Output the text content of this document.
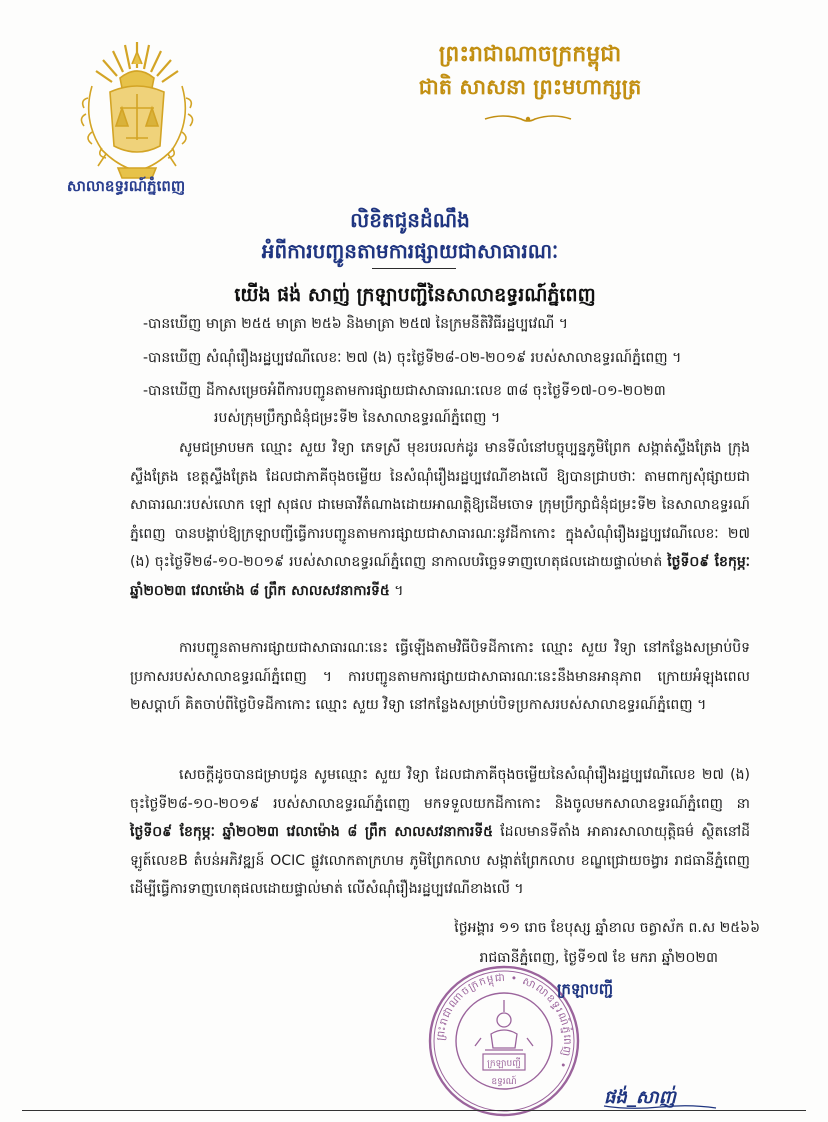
សាលាឧទ្ធរណ៍ភ្នំពេញ
ព្រះរាជាណាចក្រកម្ពុជា
ជាតិ សាសនា ព្រះមហាក្សត្រ
លិខិតជូនដំណឹង
អំពីការបញ្ជូនតាមការផ្សាយជាសាធារណៈ
យើង ផង់ សាញ់ ក្រឡាបញ្ជីនៃសាលាឧទ្ធរណ៍ភ្នំពេញ
-បានឃើញ មាត្រា ២៥៥ មាត្រា ២៥៦ និងមាត្រា ២៥៧ នៃក្រមនីតិវិធីរដ្ឋប្បវេណី ។
-បានឃើញ សំណុំរឿងរដ្ឋប្បវេណីលេខៈ ២៧ (ង) ចុះថ្ងៃទី២៨-០២-២០១៩ របស់សាលាឧទ្ធរណ៍ភ្នំពេញ ។
-បានឃើញ ដីកាសម្រេចអំពីការបញ្ជូនតាមការផ្សាយជាសាធារណៈលេខ ៣៨ ចុះថ្ងៃទី១៧-០១-២០២៣
របស់ក្រុមប្រឹក្សាជំនុំជម្រះទី២ នៃសាលាឧទ្ធរណ៍ភ្នំពេញ ។
សូមជម្រាបមក ឈ្មោះ សួយ វិទ្យា ភេទស្រី មុខរបរលក់ដូរ មានទីលំនៅបច្ចុប្បន្នភូមិព្រែក សង្កាត់ស្ទឹងត្រែង ក្រុងស្ទឹងត្រែង ខេត្តស្ទឹងត្រែង ដែលជាភាគីចុងចម្លើយ នៃសំណុំរឿងរដ្ឋប្បវេណីខាងលើ ឱ្យបានជ្រាបថាៈ តាមពាក្យសុំផ្សាយជាសាធារណៈរបស់លោក ឡៅ សុផល ជាមេធាវីតំណាងដោយអាណត្តិឱ្យដើមចោទ ក្រុមប្រឹក្សាជំនុំជម្រះទី២ នៃសាលាឧទ្ធរណ៍ភ្នំពេញ បានបង្គាប់ឱ្យក្រឡាបញ្ជីធ្វើការបញ្ជូនតាមការផ្សាយជាសាធារណៈនូវដីកាកោះ ក្នុងសំណុំរឿងរដ្ឋប្បវេណីលេខៈ ២៧ (ង) ចុះថ្ងៃទី២៨-១០-២០១៩ របស់សាលាឧទ្ធរណ៍ភ្នំពេញ នាកាលបរិច្ឆេទទាញហេតុផលដោយផ្ទាល់មាត់ ថ្ងៃទី០៩ ខែកុម្ភៈ ឆ្នាំ២០២៣ វេលាម៉ោង ៨ ព្រឹក សាលសវនាការទី៥ ។
ការបញ្ជូនតាមការផ្សាយជាសាធារណៈនេះ ធ្វើឡើងតាមវិធីបិទដីកាកោះ ឈ្មោះ សួយ វិទ្យា នៅកន្លែងសម្រាប់បិទប្រកាសរបស់សាលាឧទ្ធរណ៍ភ្នំពេញ ។ ការបញ្ជូនតាមការផ្សាយជាសាធារណៈនេះនឹងមានអានុភាព ក្រោយអំឡុងពេល ២សប្តាហ៍ គិតចាប់ពីថ្ងៃបិទដីកាកោះ ឈ្មោះ សួយ វិទ្យា នៅកន្លែងសម្រាប់បិទប្រកាសរបស់សាលាឧទ្ធរណ៍ភ្នំពេញ ។
សេចក្តីដូចបានជម្រាបជូន សូមឈ្មោះ សួយ វិទ្យា ដែលជាភាគីចុងចម្លើយនៃសំណុំរឿងរដ្ឋប្បវេណីលេខ ២៧ (ង) ចុះថ្ងៃទី២៨-១០-២០១៩ របស់សាលាឧទ្ធរណ៍ភ្នំពេញ មកទទួលយកដីកាកោះ និងចូលមកសាលាឧទ្ធរណ៍ភ្នំពេញ នាថ្ងៃទី០៩ ខែកុម្ភៈ ឆ្នាំ២០២៣ វេលាម៉ោង ៨ ព្រឹក សាលសវនាការទី៥ ដែលមានទីតាំង អាគារសាលាយុត្តិធម៌ ស្ថិតនៅដីឡូត៍លេខB តំបន់អភិវឌ្ឍន៍ OCIC ផ្លូវលោកតាក្រហម ភូមិព្រែកលាប សង្កាត់ព្រែកលាប ខណ្ឌជ្រោយចង្វារ រាជធានីភ្នំពេញ ដើម្បីធ្វើការទាញហេតុផលដោយផ្ទាល់មាត់ លើសំណុំរឿងរដ្ឋប្បវេណីខាងលើ ។
ថ្ងៃអង្គារ ១១ រោច ខែបុស្ស ឆ្នាំខាល ចត្វាស័ក ព.ស ២៥៦៦
រាជធានីភ្នំពេញ, ថ្ងៃទី១៧ ខែ មករា ឆ្នាំ២០២៣
ព្រះរាជាណាចក្រកម្ពុជា • សាលាឧទ្ធរណ៍ភ្នំពេញ •
ក្រឡាបញ្ជី
ឧទ្ធរណ៍
ក្រឡាបញ្ជី
ផង់_សាញ់
